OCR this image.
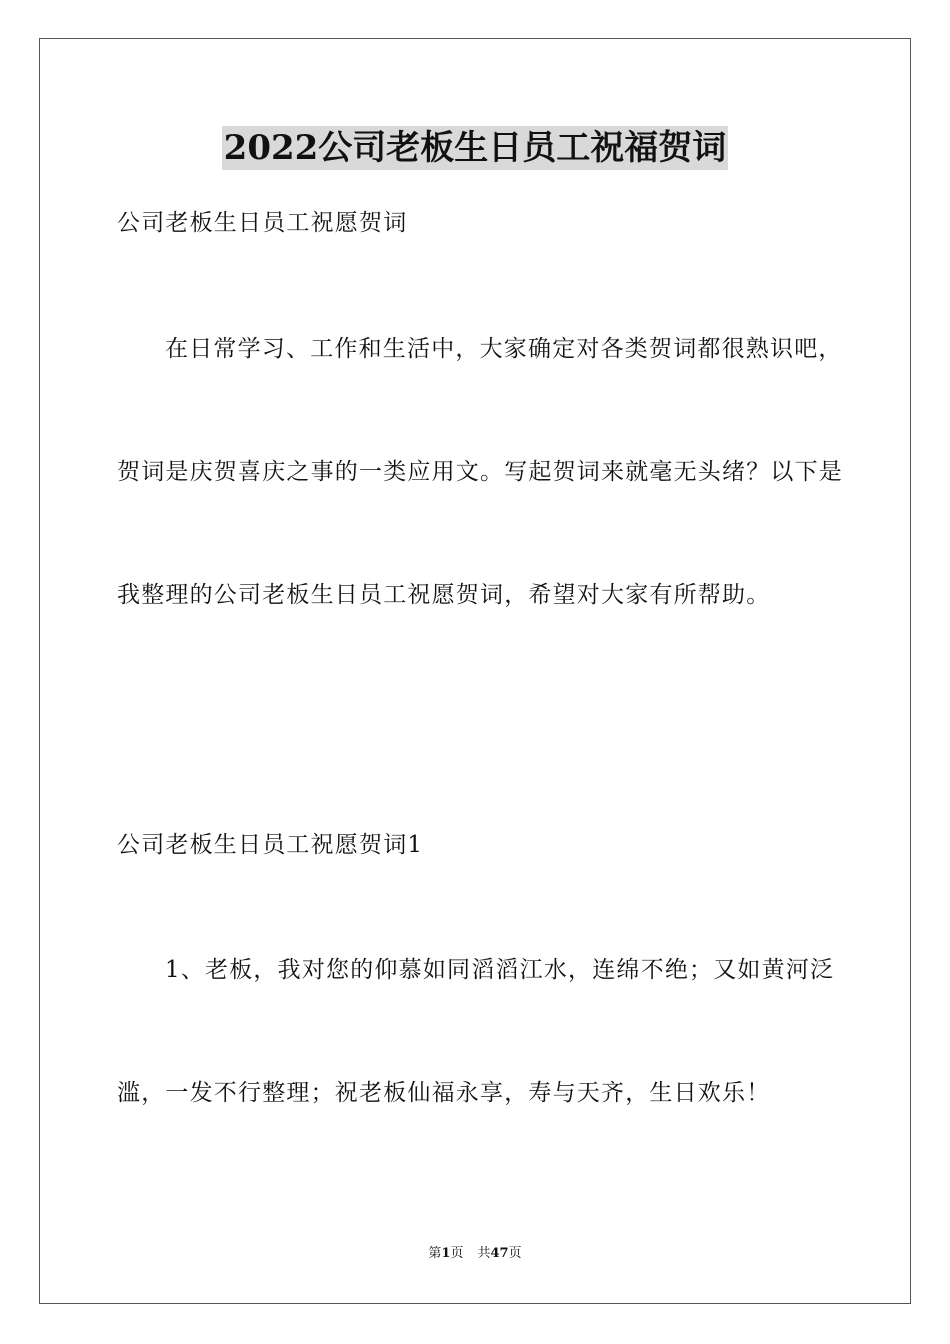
2022公司老板生日员工祝福贺词
公司老板生日员工祝愿贺词
在日常学习、工作和生活中，大家确定对各类贺词都很熟识吧，
贺词是庆贺喜庆之事的一类应用文。写起贺词来就毫无头绪？以下是
我整理的公司老板生日员工祝愿贺词，希望对大家有所帮助。
公司老板生日员工祝愿贺词1
1、老板，我对您的仰慕如同滔滔江水，连绵不绝；又如黄河泛
滥，一发不行整理；祝老板仙福永享，寿与天齐，生日欢乐！
第1页 共47页
